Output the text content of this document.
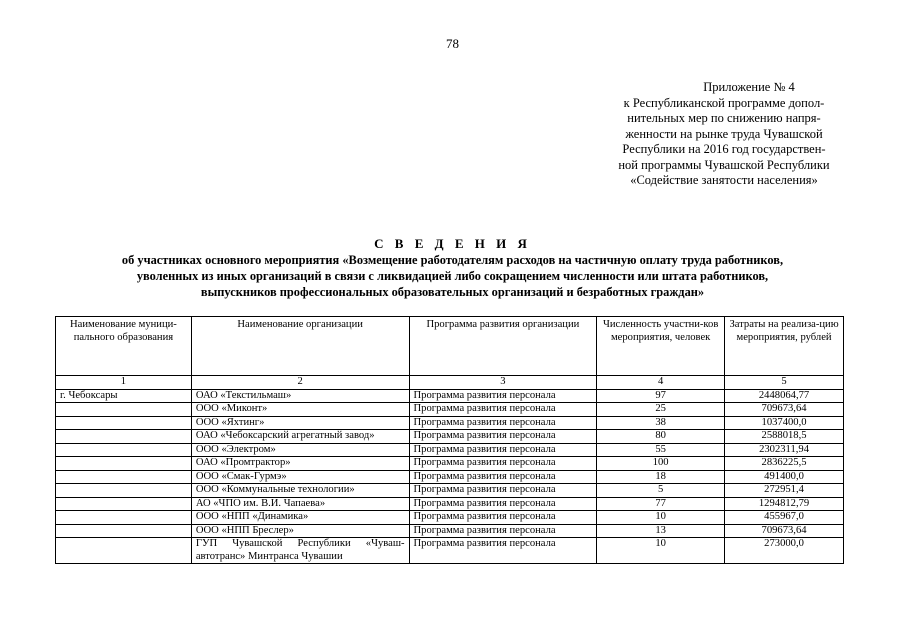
78
Приложение № 4
к Республиканской программе допол-
нительных мер по снижению напря-
женности на рынке труда Чувашской
Республики на 2016 год государствен-
ной программы Чувашской Республики
«Содействие занятости населения»
С В Е Д Е Н И Я
об участниках основного мероприятия «Возмещение работодателям расходов на частичную оплату труда работников,
уволенных из иных организаций в связи с ликвидацией либо сокращением численности или штата работников,
выпускников профессиональных образовательных организаций и безработных граждан»
Наименование муници-пального образования	Наименование организации	Программа развития организации	Численность участни-ков мероприятия, человек	Затраты на реализа-цию мероприятия, рублей
1	2	3	4	5
г. Чебоксары	ОАО «Текстильмаш»	Программа развития персонала	97	2448064,77
	ООО «Миконт»	Программа развития персонала	25	709673,64
	ООО «Яхтинг»	Программа развития персонала	38	1037400,0
	ОАО «Чебоксарский агрегатный завод»	Программа развития персонала	80	2588018,5
	ООО «Электром»	Программа развития персонала	55	2302311,94
	ОАО «Промтрактор»	Программа развития персонала	100	2836225,5
	ООО «Смак-Гурмэ»	Программа развития персонала	18	491400,0
	ООО «Коммунальные технологии»	Программа развития персонала	5	272951,4
	АО «ЧПО им. В.И. Чапаева»	Программа развития персонала	77	1294812,79
	ООО «НПП «Динамика»	Программа развития персонала	10	455967,0
	ООО «НПП Бреслер»	Программа развития персонала	13	709673,64
	ГУП Чувашской Республики «Чуваш-автотранс» Минтранса Чувашии	Программа развития персонала	10	273000,0
